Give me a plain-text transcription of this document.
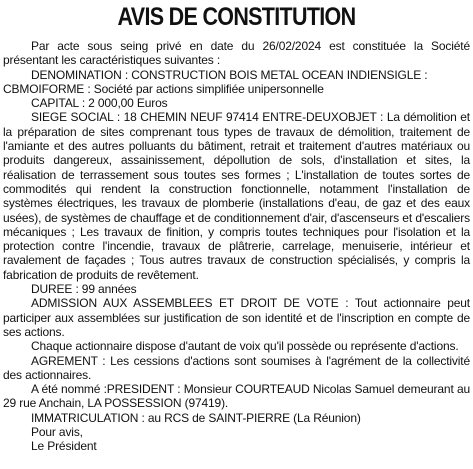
AVIS DE CONSTITUTION

Par acte sous seing privé en date du 26/02/2024 est constituée la Société présentant les caractéristiques suivantes :

DENOMINATION : CONSTRUCTION BOIS METAL OCEAN INDIENSIGLE :

CBMOIFORME : Société par actions simplifiée unipersonnelle

CAPITAL : 2 000,00 Euros

SIEGE SOCIAL : 18 CHEMIN NEUF 97414 ENTRE-DEUXOBJET : La démolition et la préparation de sites comprenant tous types de travaux de démolition, traitement de l'amiante et des autres polluants du bâtiment, retrait et traitement d'autres matériaux ou produits dangereux, assainissement, dépollution de sols, d'installation et sites, la réalisation de terrassement sous toutes ses formes ; L'installation de toutes sortes de commodités qui rendent la construction fonctionnelle, notamment l'installation de systèmes électriques, les travaux de plomberie (installations d'eau, de gaz et des eaux usées), de systèmes de chauffage et de conditionnement d'air, d'ascenseurs et d'escaliers mécaniques ; Les travaux de finition, y compris toutes techniques pour l'isolation et la protection contre l'incendie, travaux de plâtrerie, carrelage, menuiserie, intérieur et ravalement de façades ; Tous autres travaux de construction spécialisés, y compris la fabrication de produits de revêtement.

DUREE : 99 années

ADMISSION AUX ASSEMBLEES ET DROIT DE VOTE : Tout actionnaire peut participer aux assemblées sur justification de son identité et de l'inscription en compte de ses actions.

Chaque actionnaire dispose d'autant de voix qu'il possède ou représente d'actions.

AGREMENT : Les cessions d'actions sont soumises à l'agrément de la collectivité des actionnaires.

A été nommé :PRESIDENT : Monsieur COURTEAUD Nicolas Samuel demeurant au 29 rue Anchain, LA POSSESSION (97419).

IMMATRICULATION : au RCS de SAINT-PIERRE (La Réunion)

Pour avis,

Le Président
